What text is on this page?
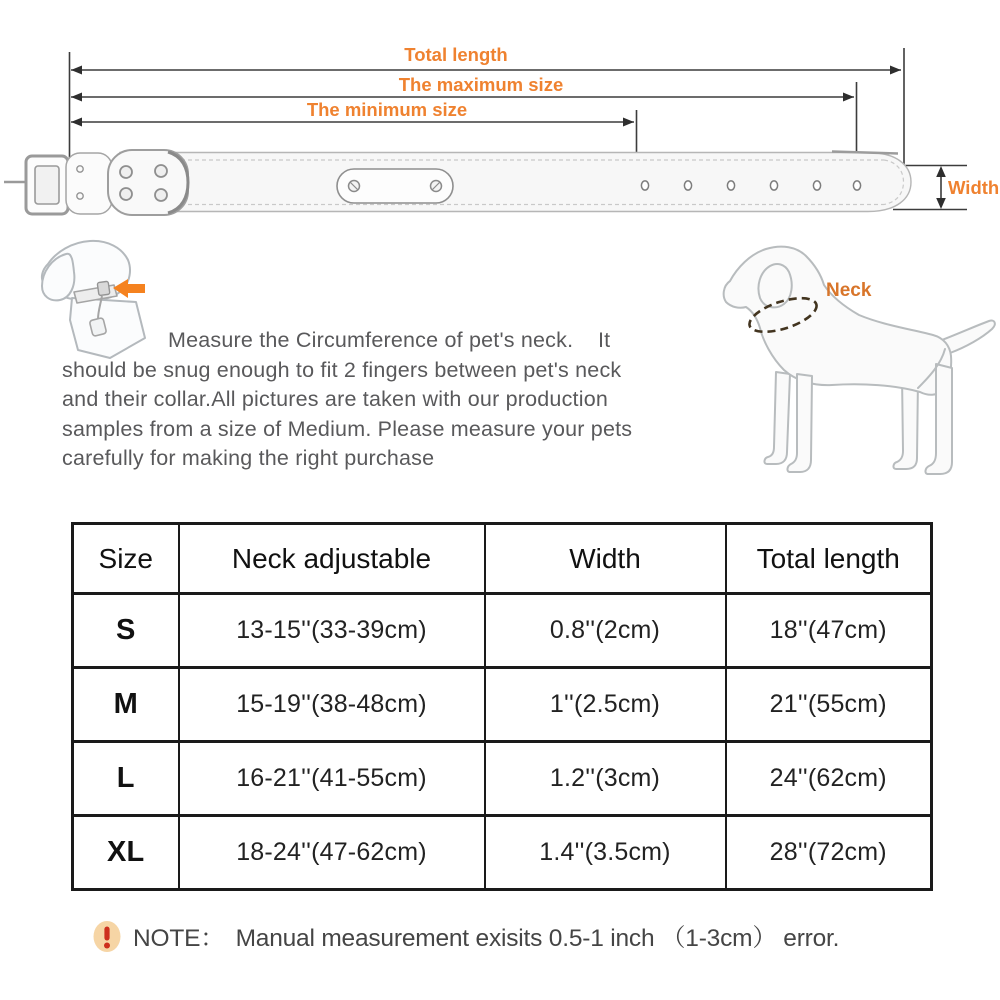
Total length
The maximum size
The minimum size
Width
Measure the Circumference of pet's neck.    It
should be snug enough to fit 2 fingers between pet's neck
and their collar.All pictures are taken with our production
samples from a size of Medium. Please measure your pets
carefully for making the right purchase
Neck
Size	Neck adjustable	Width	Total length
S	13-15''(33-39cm)	0.8''(2cm)	18''(47cm)
M	15-19''(38-48cm)	1''(2.5cm)	21''(55cm)
L	16-21''(41-55cm)	1.2''(3cm)	24''(62cm)
XL	18-24''(47-62cm)	1.4''(3.5cm)	28''(72cm)
NOTE： Manual measurement exisits 0.5-1 inch （1-3cm） error.
